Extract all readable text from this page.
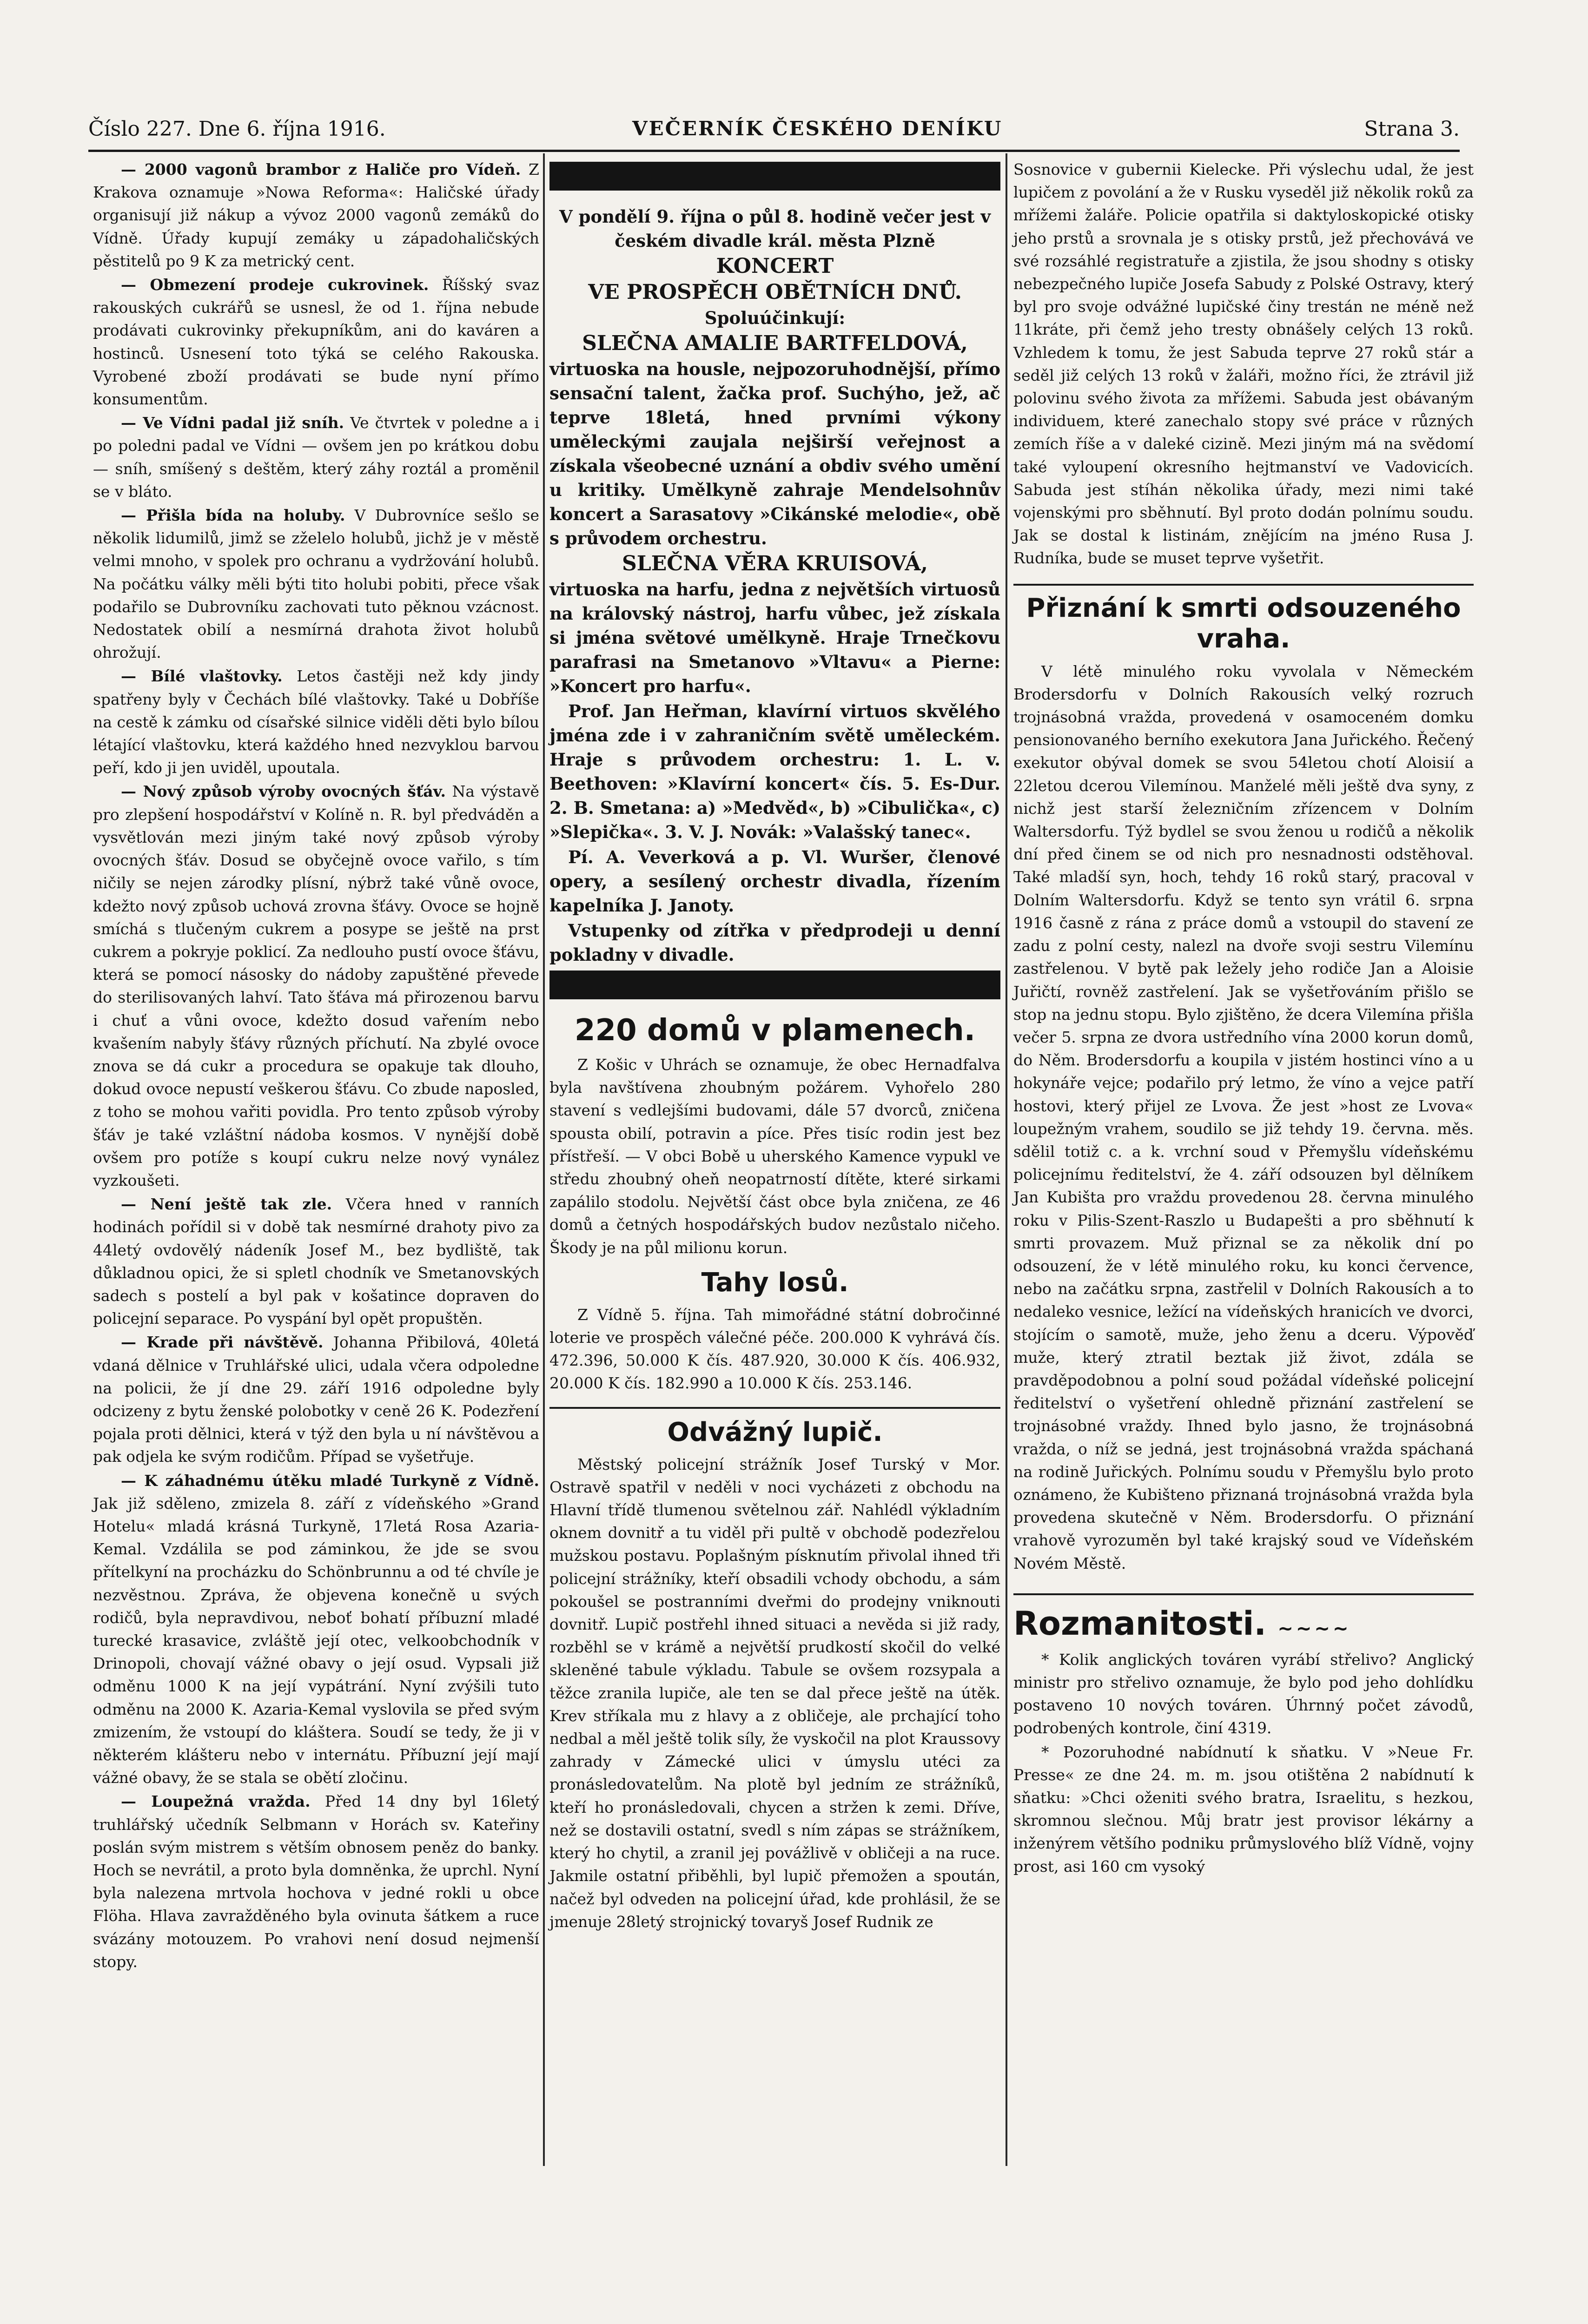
Číslo 227. Dne 6. října 1916.	VEČERNÍK ČESKÉHO DENÍKU	Strana 3.

— 2000 vagonů brambor z Haliče pro Vídeň. Z Krakova oznamuje »Nowa Reforma«: Haličské úřady organisují již nákup a vývoz 2000 vagonů zemáků do Vídně. Úřady kupují zemáky u západohaličských pěstitelů po 9 K za metrický cent.

— Obmezení prodeje cukrovinek. Říšský svaz rakouských cukrářů se usnesl, že od 1. října nebude prodávati cukrovinky překupníkům, ani do kaváren a hostinců. Usnesení toto týká se celého Rakouska. Vyrobené zboží prodávati se bude nyní přímo konsumentům.

— Ve Vídni padal již sníh. Ve čtvrtek v poledne a i po poledni padal ve Vídni — ovšem jen po krátkou dobu — sníh, smíšený s deštěm, který záhy roztál a proměnil se v bláto.

— Přišla bída na holuby. V Dubrovníce sešlo se několik lidumilů, jimž se zželelo holubů, jichž je v městě velmi mnoho, v spolek pro ochranu a vydržování holubů. Na počátku války měli býti tito holubi pobiti, přece však podařilo se Dubrovníku zachovati tuto pěknou vzácnost. Nedostatek obilí a nesmírná drahota život holubů ohrožují.

— Bílé vlaštovky. Letos častěji než kdy jindy spatřeny byly v Čechách bílé vlaštovky. Také u Dobříše na cestě k zámku od císařské silnice viděli děti bylo bílou létající vlaštovku, která každého hned nezvyklou barvou peří, kdo ji jen uviděl, upoutala.

— Nový způsob výroby ovocných šťáv. Na výstavě pro zlepšení hospodářství v Kolíně n. R. byl předváděn a vysvětlován mezi jiným také nový způsob výroby ovocných šťáv. Dosud se obyčejně ovoce vařilo, s tím ničily se nejen zárodky plísní, nýbrž také vůně ovoce, kdežto nový způsob uchová zrovna šťávy. Ovoce se hojně smíchá s tlučeným cukrem a posype se ještě na prst cukrem a pokryje poklicí. Za nedlouho pustí ovoce šťávu, která se pomocí násosky do nádoby zapuštěné převede do sterilisovaných lahví. Tato šťáva má přirozenou barvu i chuť a vůni ovoce, kdežto dosud vařením nebo kvašením nabyly šťávy různých příchutí. Na zbylé ovoce znova se dá cukr a procedura se opakuje tak dlouho, dokud ovoce nepustí veškerou šťávu. Co zbude naposled, z toho se mohou vařiti povidla. Pro tento způsob výroby šťáv je také vzláštní nádoba kosmos. V nynější době ovšem pro potíže s koupí cukru nelze nový vynález vyzkoušeti.

— Není ještě tak zle. Včera hned v ranních hodinách pořídil si v době tak nesmírné drahoty pivo za 44letý ovdovělý nádeník Josef M., bez bydliště, tak důkladnou opici, že si spletl chodník ve Smetanovských sadech s postelí a byl pak v košatince dopraven do policejní separace. Po vyspání byl opět propuštěn.

— Krade při návštěvě. Johanna Přibilová, 40letá vdaná dělnice v Truhlářské ulici, udala včera odpoledne na policii, že jí dne 29. září 1916 odpoledne byly odcizeny z bytu ženské polobotky v ceně 26 K. Podezření pojala proti dělnici, která v týž den byla u ní návštěvou a pak odjela ke svým rodičům. Případ se vyšetřuje.

— K záhadnému útěku mladé Turkyně z Vídně. Jak již sděleno, zmizela 8. září z vídeňského »Grand Hotelu« mladá krásná Turkyně, 17letá Rosa Azaria-Kemal. Vzdálila se pod záminkou, že jde se svou přítelkyní na procházku do Schönbrunnu a od té chvíle je nezvěstnou. Zpráva, že objevena konečně u svých rodičů, byla nepravdivou, neboť bohatí příbuzní mladé turecké krasavice, zvláště její otec, velkoobchodník v Drinopoli, chovají vážné obavy o její osud. Vypsali již odměnu 1000 K na její vypátrání. Nyní zvýšili tuto odměnu na 2000 K. Azaria-Kemal vyslovila se před svým zmizením, že vstoupí do kláštera. Soudí se tedy, že ji v některém klášteru nebo v internátu. Příbuzní její mají vážné obavy, že se stala se obětí zločinu.

— Loupežná vražda. Před 14 dny byl 16letý truhlářský učedník Selbmann v Horách sv. Kateřiny poslán svým mistrem s větším obnosem peněz do banky. Hoch se nevrátil, a proto byla domněnka, že uprchl. Nyní byla nalezena mrtvola hochova v jedné rokli u obce Flöha. Hlava zavražděného byla ovinuta šátkem a ruce svázány motouzem. Po vrahovi není dosud nejmenší stopy.

V pondělí 9. října o půl 8. hodině večer jest v českém divadle král. města Plzně

KONCERT

VE PROSPĚCH OBĚTNÍCH DNŮ.

Spoluúčinkují:

SLEČNA AMALIE BARTFELDOVÁ,

virtuoska na housle, nejpozoruhodnější, přímo sensační talent, žačka prof. Suchýho, jež, ač teprve 18letá, hned prvními výkony uměleckými zaujala nejširší veřejnost a získala všeobecné uznání a obdiv svého umění u kritiky. Umělkyně zahraje Mendelsohnův koncert a Sarasatovy »Cikánské melodie«, obě s průvodem orchestru.

SLEČNA VĚRA KRUISOVÁ,

virtuoska na harfu, jedna z největších virtuosů na královský nástroj, harfu vůbec, jež získala si jména světové umělkyně. Hraje Trnečkovu parafrasi na Smetanovo »Vltavu« a Pierne: »Koncert pro harfu«.

Prof. Jan Heřman, klavírní virtuos skvělého jména zde i v zahraničním světě uměleckém. Hraje s průvodem orchestru: 1. L. v. Beethoven: »Klavírní koncert« čís. 5. Es-Dur. 2. B. Smetana: a) »Medvěd«, b) »Cibulička«, c) »Slepička«. 3. V. J. Novák: »Valašský tanec«.

Pí. A. Veverková a p. Vl. Wuršer, členové opery, a sesílený orchestr divadla, řízením kapelníka J. Janoty.

Vstupenky od zítřka v předprodeji u denní pokladny v divadle.

220 domů v plamenech.

Z Košic v Uhrách se oznamuje, že obec Hernadfalva byla navštívena zhoubným požárem. Vyhořelo 280 stavení s vedlejšími budovami, dále 57 dvorců, zničena spousta obilí, potravin a píce. Přes tisíc rodin jest bez přístřeší. — V obci Bobě u uherského Kamence vypukl ve středu zhoubný oheň neopatrností dítěte, které sirkami zapálilo stodolu. Největší část obce byla zničena, ze 46 domů a četných hospodářských budov nezůstalo ničeho. Škody je na půl milionu korun.

Tahy losů.

Z Vídně 5. října. Tah mimořádné státní dobročinné loterie ve prospěch válečné péče. 200.000 K vyhrává čís. 472.396, 50.000 K čís. 487.920, 30.000 K čís. 406.932, 20.000 K čís. 182.990 a 10.000 K čís. 253.146.

Odvážný lupič.

Městský policejní strážník Josef Turský v Mor. Ostravě spatřil v neděli v noci vycházeti z obchodu na Hlavní třídě tlumenou světelnou zář. Nahlédl výkladním oknem dovnitř a tu viděl při pultě v obchodě podezřelou mužskou postavu. Poplašným písknutím přivolal ihned tři policejní strážníky, kteří obsadili vchody obchodu, a sám pokoušel se postranními dveřmi do prodejny vniknouti dovnitř. Lupič postřehl ihned situaci a nevěda si již rady, rozběhl se v krámě a největší prudkostí skočil do velké skleněné tabule výkladu. Tabule se ovšem rozsypala a těžce zranila lupiče, ale ten se dal přece ještě na útěk. Krev stříkala mu z hlavy a z obličeje, ale prchající toho nedbal a měl ještě tolik síly, že vyskočil na plot Kraussovy zahrady v Zámecké ulici v úmyslu utéci za pronásledovatelům. Na plotě byl jedním ze strážníků, kteří ho pronásledovali, chycen a stržen k zemi. Dříve, než se dostavili ostatní, svedl s ním zápas se strážníkem, který ho chytil, a zranil jej povážlivě v obličeji a na ruce. Jakmile ostatní přiběhli, byl lupič přemožen a spoután, načež byl odveden na policejní úřad, kde prohlásil, že se jmenuje 28letý strojnický tovaryš Josef Rudnik ze

Sosnovice v gubernii Kielecke. Při výslechu udal, že jest lupičem z povolání a že v Rusku vyseděl již několik roků za mřížemi žaláře. Policie opatřila si daktyloskopické otisky jeho prstů a srovnala je s otisky prstů, jež přechovává ve své rozsáhlé registratuře a zjistila, že jsou shodny s otisky nebezpečného lupiče Josefa Sabudy z Polské Ostravy, který byl pro svoje odvážné lupičské činy trestán ne méně než 11kráte, při čemž jeho tresty obnášely celých 13 roků. Vzhledem k tomu, že jest Sabuda teprve 27 roků stár a seděl již celých 13 roků v žaláři, možno říci, že ztrávil již polovinu svého života za mřížemi. Sabuda jest obávaným individuem, které zanechalo stopy své práce v různých zemích říše a v daleké cizině. Mezi jiným má na svědomí také vyloupení okresního hejtmanství ve Vadovicích. Sabuda jest stíhán několika úřady, mezi nimi také vojenskými pro sběhnutí. Byl proto dodán polnímu soudu. Jak se dostal k listinám, znějícím na jméno Rusa J. Rudníka, bude se muset teprve vyšetřit.

Přiznání k smrti odsouzeného vraha.

V létě minulého roku vyvolala v Německém Brodersdorfu v Dolních Rakousích velký rozruch trojnásobná vražda, provedená v osamoceném domku pensionovaného berního exekutora Jana Juřického. Řečený exekutor obýval domek se svou 54letou chotí Aloisií a 22letou dcerou Vilemínou. Manželé měli ještě dva syny, z nichž jest starší železničním zřízencem v Dolním Waltersdorfu. Týž bydlel se svou ženou u rodičů a několik dní před činem se od nich pro nesnadnosti odstěhoval. Také mladší syn, hoch, tehdy 16 roků starý, pracoval v Dolním Waltersdorfu. Když se tento syn vrátil 6. srpna 1916 časně z rána z práce domů a vstoupil do stavení ze zadu z polní cesty, nalezl na dvoře svoji sestru Vilemínu zastřelenou. V bytě pak ležely jeho rodiče Jan a Aloisie Juřičtí, rovněž zastřelení. Jak se vyšetřováním přišlo se stop na jednu stopu. Bylo zjištěno, že dcera Vilemína přišla večer 5. srpna ze dvora ustředního vína 2000 korun domů, do Něm. Brodersdorfu a koupila v jistém hostinci víno a u hokynáře vejce; podařilo prý letmo, že víno a vejce patří hostovi, který přijel ze Lvova. Že jest »host ze Lvova« loupežným vrahem, soudilo se již tehdy 19. června. měs. sdělil totiž c. a k. vrchní soud v Přemyšlu vídeňskému policejnímu ředitelství, že 4. září odsouzen byl dělníkem Jan Kubišta pro vraždu provedenou 28. června minulého roku v Pilis-Szent-Raszlo u Budapešti a pro sběhnutí k smrti provazem. Muž přiznal se za několik dní po odsouzení, že v létě minulého roku, ku konci července, nebo na začátku srpna, zastřelil v Dolních Rakousích a to nedaleko vesnice, ležící na vídeňských hranicích ve dvorci, stojícím o samotě, muže, jeho ženu a dceru. Výpověď muže, který ztratil beztak již život, zdála se pravděpodobnou a polní soud požádal vídeňské policejní ředitelství o vyšetření ohledně přiznání zastřelení se trojnásobné vraždy. Ihned bylo jasno, že trojnásobná vražda, o níž se jedná, jest trojnásobná vražda spáchaná na rodině Juřických. Polnímu soudu v Přemyšlu bylo proto oznámeno, že Kubišteno přiznaná trojnásobná vražda byla provedena skutečně v Něm. Brodersdorfu. O přiznání vrahově vyrozuměn byl také krajský soud ve Vídeňském Novém Městě.

Rozmanitosti. ~~~~

* Kolik anglických továren vyrábí střelivo? Anglický ministr pro střelivo oznamuje, že bylo pod jeho dohlídku postaveno 10 nových továren. Úhrnný počet závodů, podrobených kontrole, činí 4319.

* Pozoruhodné nabídnutí k sňatku. V »Neue Fr. Presse« ze dne 24. m. m. jsou otištěna 2 nabídnutí k sňatku: »Chci oženiti svého bratra, Israelitu, s hezkou, skromnou slečnou. Můj bratr jest provisor lékárny a inženýrem většího podniku průmyslového blíž Vídně, vojny prost, asi 160 cm vysoký
